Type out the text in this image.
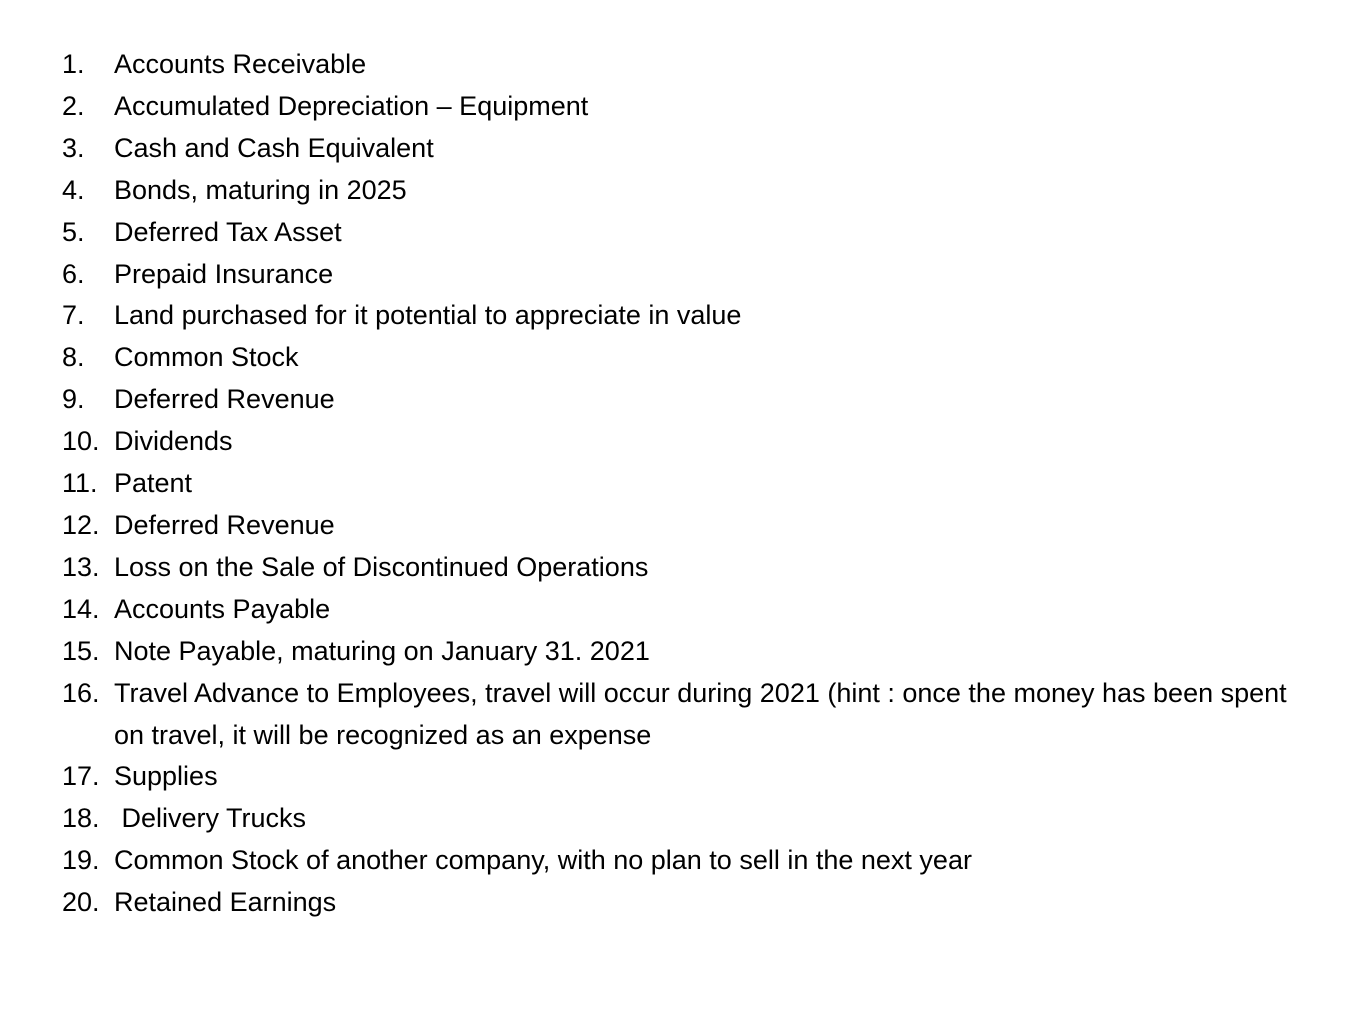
1.	Accounts Receivable
2.	Accumulated Depreciation – Equipment
3.	Cash and Cash Equivalent
4.	Bonds, maturing in 2025
5.	Deferred Tax Asset
6.	Prepaid Insurance
7.	Land purchased for it potential to appreciate in value
8.	Common Stock
9.	Deferred Revenue
10. Dividends
11. Patent
12. Deferred Revenue
13. Loss on the Sale of Discontinued Operations
14. Accounts Payable
15. Note Payable, maturing on January 31. 2021
16. Travel Advance to Employees, travel will occur during 2021 (hint : once the money has been spent on travel, it will be recognized as an expense
17. Supplies
18. Delivery Trucks
19. Common Stock of another company, with no plan to sell in the next year
20. Retained Earnings
